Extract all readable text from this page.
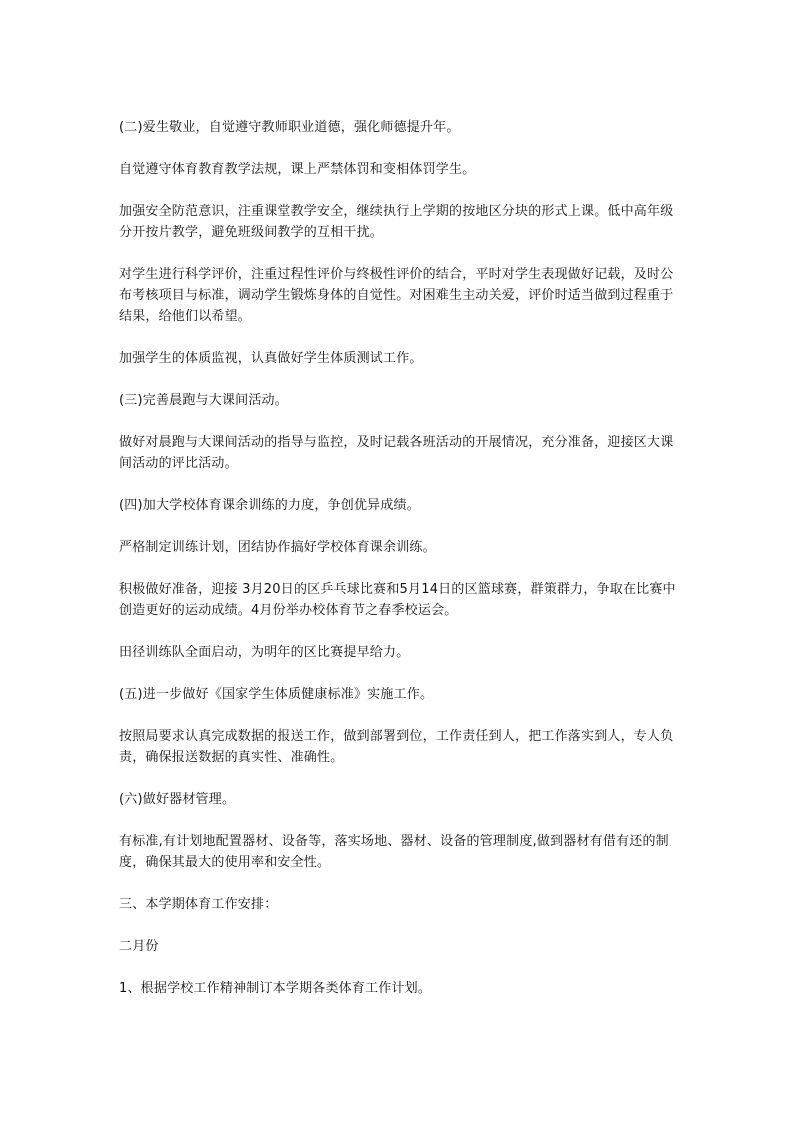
(二)爱生敬业，自觉遵守教师职业道德，强化师德提升年。

自觉遵守体育教育教学法规，课上严禁体罚和变相体罚学生。

加强安全防范意识，注重课堂教学安全，继续执行上学期的按地区分块的形式上课。低中高年级分开按片教学，避免班级间教学的互相干扰。

对学生进行科学评价，注重过程性评价与终极性评价的结合，平时对学生表现做好记载，及时公布考核项目与标准，调动学生锻炼身体的自觉性。对困难生主动关爱，评价时适当做到过程重于结果，给他们以希望。

加强学生的体质监视，认真做好学生体质测试工作。

(三)完善晨跑与大课间活动。

做好对晨跑与大课间活动的指导与监控，及时记载各班活动的开展情况，充分准备，迎接区大课间活动的评比活动。

(四)加大学校体育课余训练的力度，争创优异成绩。

严格制定训练计划，团结协作搞好学校体育课余训练。

积极做好准备，迎接 3月20日的区乒乓球比赛和5月14日的区篮球赛，群策群力，争取在比赛中创造更好的运动成绩。4月份举办校体育节之春季校运会。

田径训练队全面启动，为明年的区比赛提早给力。

(五)进一步做好《国家学生体质健康标准》实施工作。

按照局要求认真完成数据的报送工作，做到部署到位，工作责任到人，把工作落实到人，专人负责，确保报送数据的真实性、准确性。

(六)做好器材管理。

有标准,有计划地配置器材、设备等，落实场地、器材、设备的管理制度,做到器材有借有还的制度，确保其最大的使用率和安全性。

三、本学期体育工作安排：

二月份

1、根据学校工作精神制订本学期各类体育工作计划。
